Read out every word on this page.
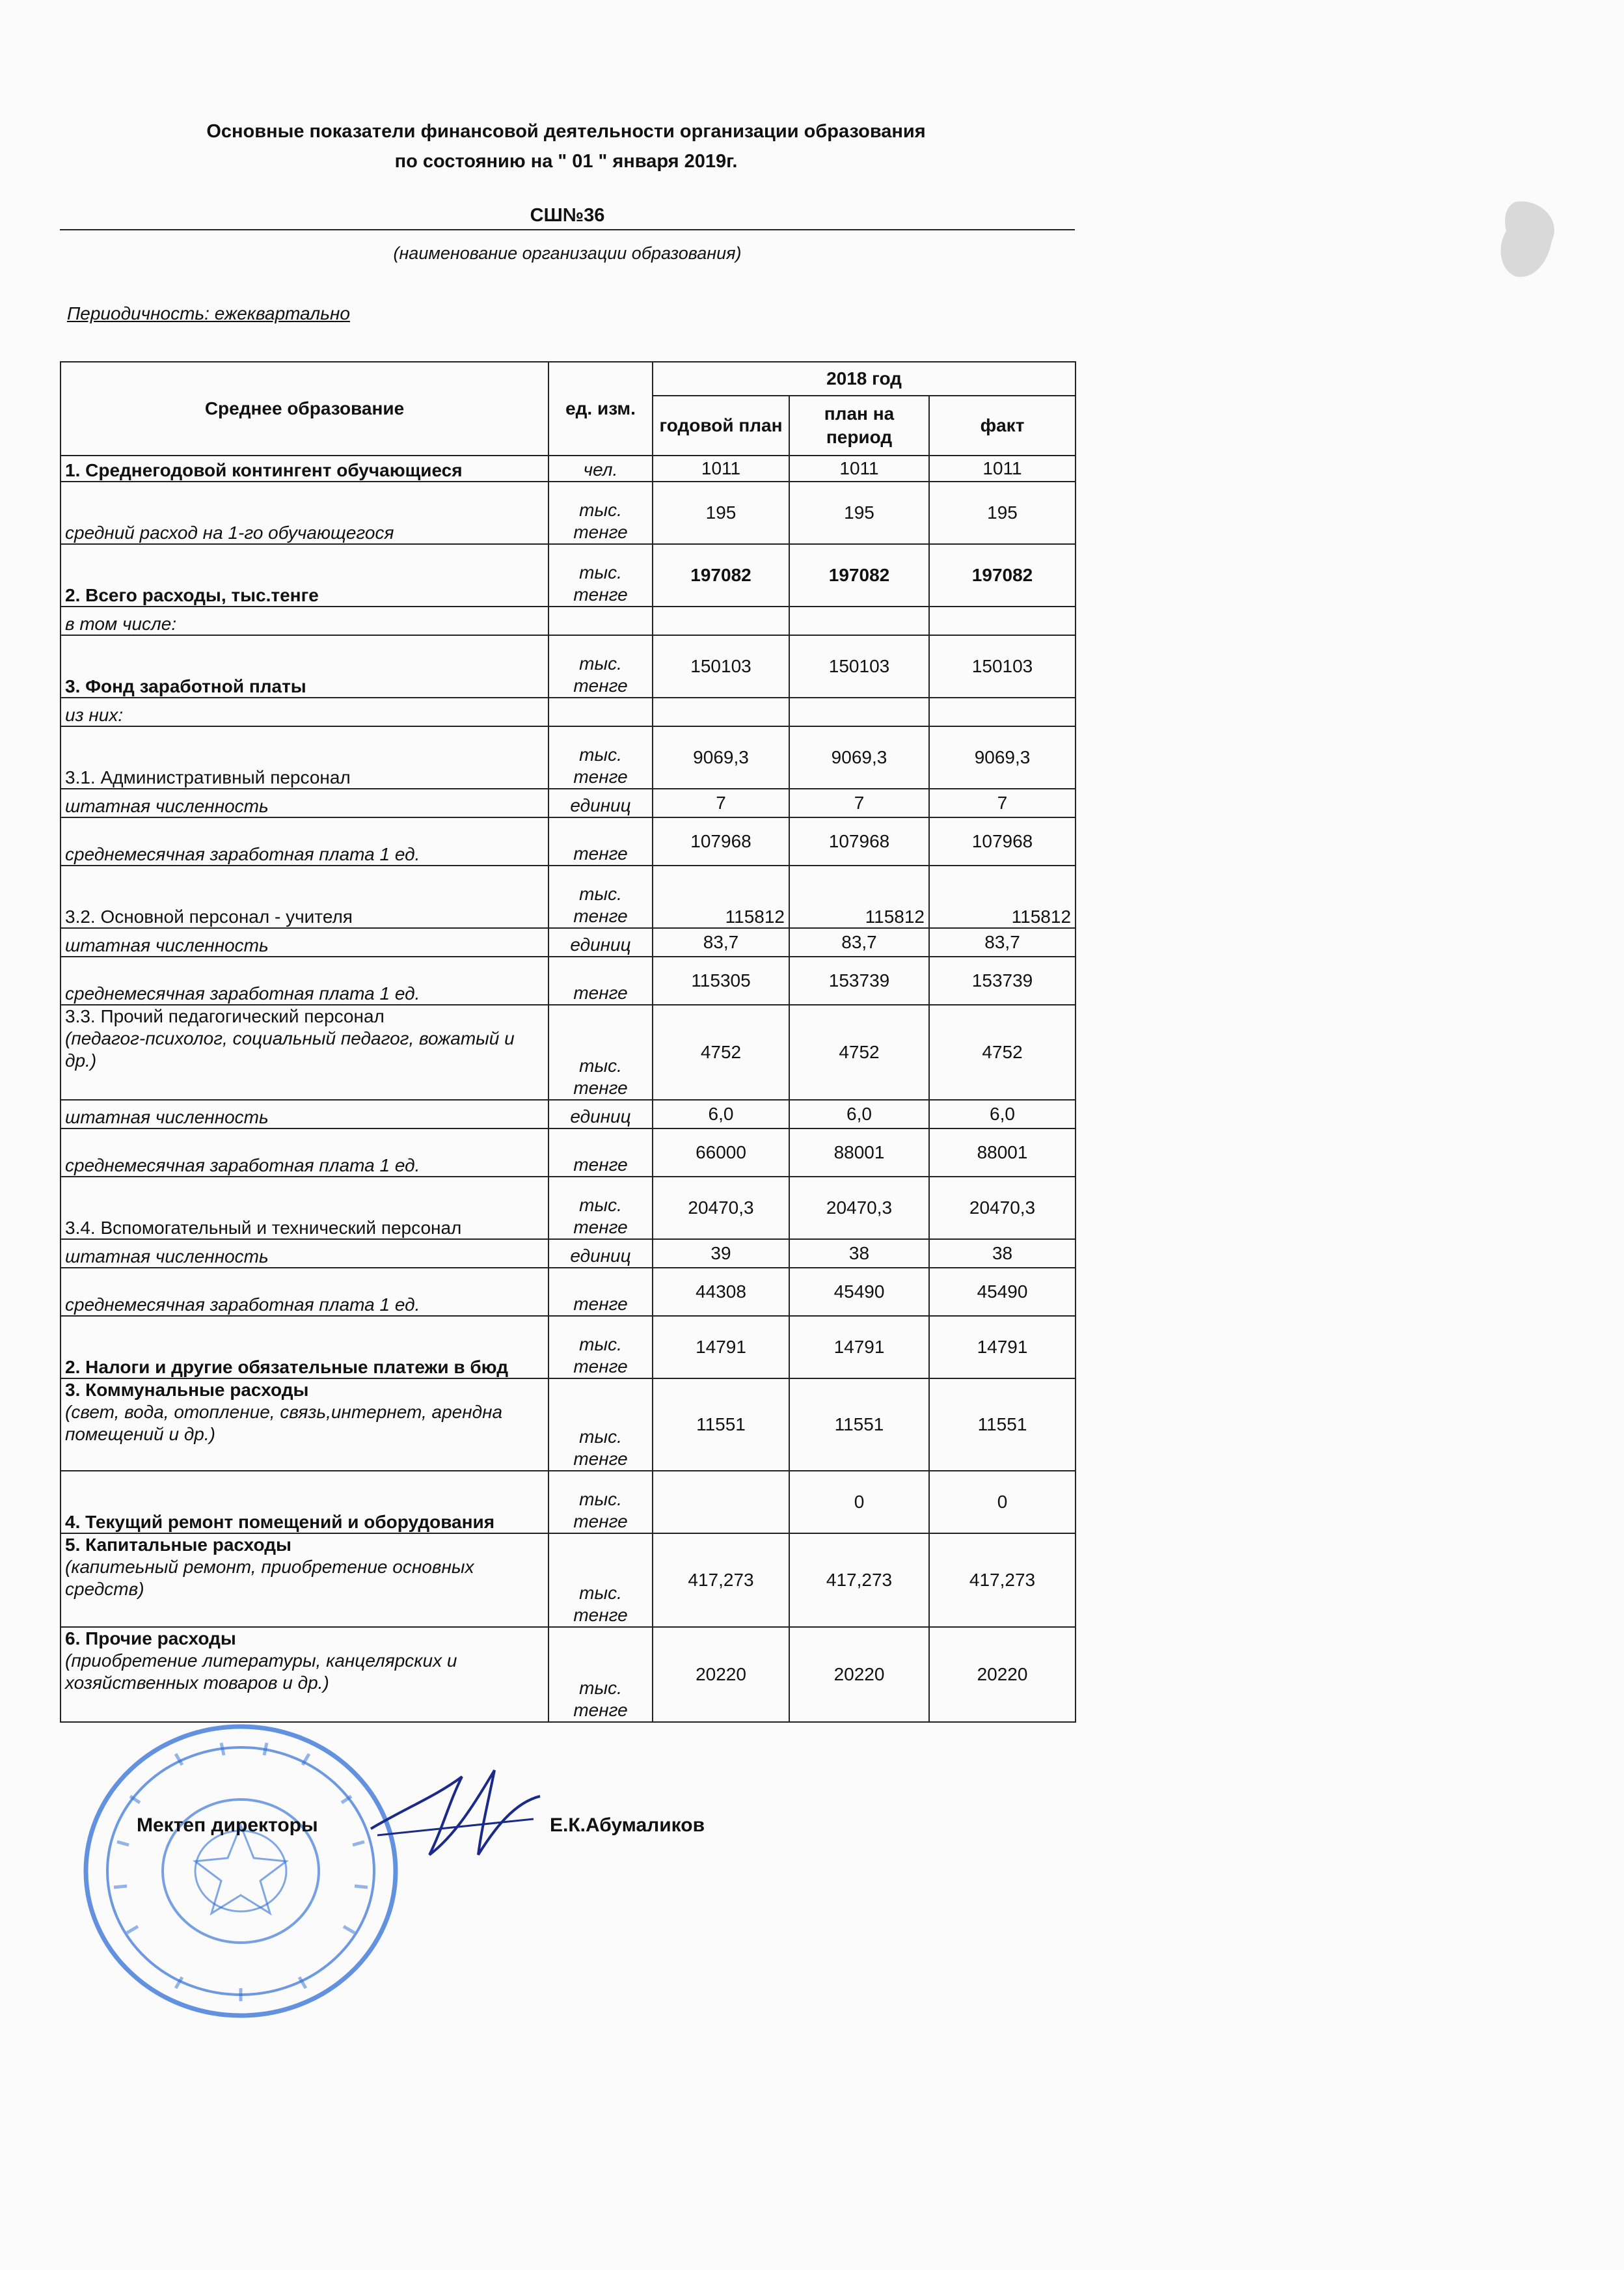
Основные показатели финансовой деятельности организации образования
по состоянию на " 01 " января 2019г.
СШ№36
(наименование организации образования)
Периодичность: ежеквартально
Среднее образование	ед. изм.	2018 год		
		годовой план	план на период	факт
1. Среднегодовой контингент обучающиеся	чел.	1011	1011	1011
средний расход на 1-го обучающегося	тыс. тенге	195	195	195
2. Всего расходы, тыс.тенге	тыс. тенге	197082	197082	197082
в том числе:				
3. Фонд заработной платы	тыс. тенге	150103	150103	150103
из них:				
3.1. Административный персонал	тыс. тенге	9069,3	9069,3	9069,3
штатная численность	единиц	7	7	7
среднемесячная заработная плата 1 ед.	тенге	107968	107968	107968
3.2. Основной персонал - учителя	тыс. тенге	115812	115812	115812
штатная численность	единиц	83,7	83,7	83,7
среднемесячная заработная плата 1 ед.	тенге	115305	153739	153739
3.3. Прочий педагогический персонал
(педагог-психолог, социальный педагог, вожатый и др.)	тыс. тенге	4752	4752	4752
штатная численность	единиц	6,0	6,0	6,0
среднемесячная заработная плата 1 ед.	тенге	66000	88001	88001
3.4. Вспомогательный и технический персонал	тыс. тенге	20470,3	20470,3	20470,3
штатная численность	единиц	39	38	38
среднемесячная заработная плата 1 ед.	тенге	44308	45490	45490
2. Налоги и другие обязательные платежи в бюд	тыс. тенге	14791	14791	14791
3. Коммунальные расходы
(свет, вода, отопление, связь,интернет, арендна помещений и др.)	тыс. тенге	11551	11551	11551
4. Текущий ремонт помещений и оборудования	тыс. тенге		0	0
5. Капитальные расходы
(капитеьный ремонт, приобретение основных средств)	тыс. тенге	417,273	417,273	417,273
6. Прочие расходы
(приобретение литературы, канцелярских и хозяйственных товаров и др.)	тыс. тенге	20220	20220	20220
Мектеп директоры	Е.К.Абумаликов
